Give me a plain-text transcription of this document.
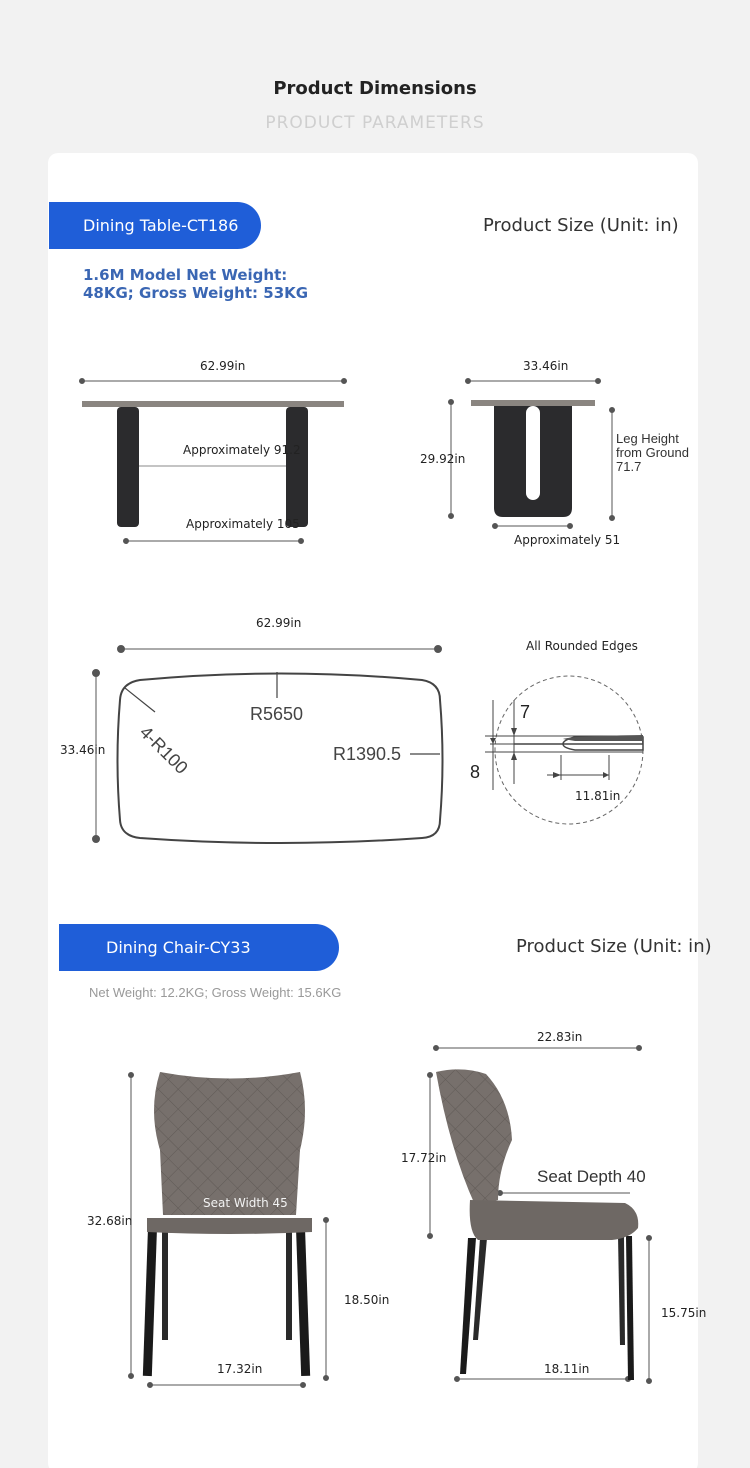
Product Dimensions
PRODUCT PARAMETERS
Dining Table-CT186	Product Size (Unit: in)
1.6M Model Net Weight: 48KG; Gross Weight: 53KG
62.99in
Approximately 91.2
Approximately 105
33.46in
29.92in
Leg Height from Ground 71.7
Approximately 51
62.99in
33.46in 4-R100
R5650
R1390.5
All Rounded Edges
7
8
11.81in
Dining Chair-CY33	Product Size (Unit: in)
Net Weight: 12.2KG; Gross Weight: 15.6KG
32.68in
Seat Width 45
18.50in
17.32in
22.83in
17.72in
Seat Depth 40
15.75in
18.11in
